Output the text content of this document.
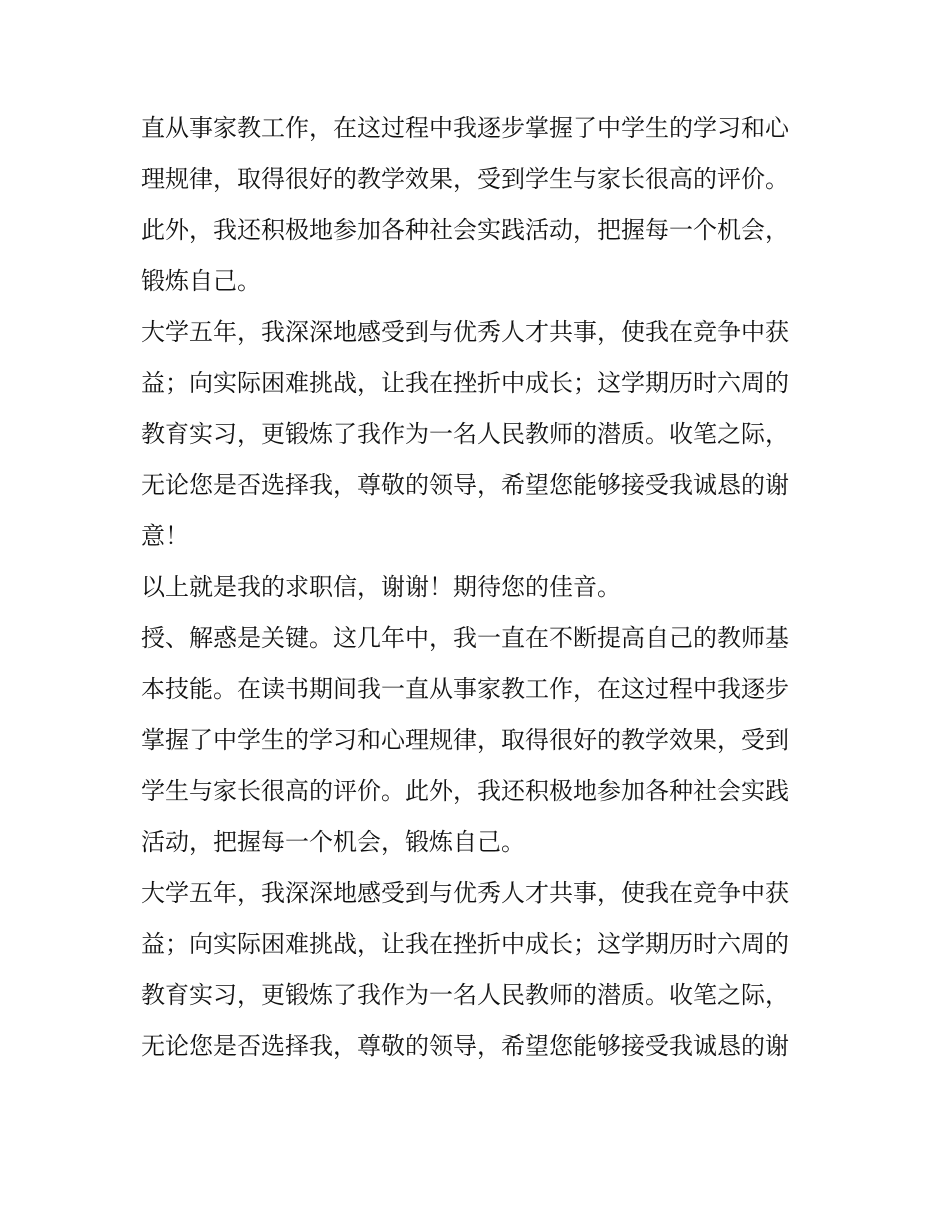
直从事家教工作，在这过程中我逐步掌握了中学生的学习和心
理规律，取得很好的教学效果，受到学生与家长很高的评价。
此外，我还积极地参加各种社会实践活动，把握每一个机会，
锻炼自己。
大学五年，我深深地感受到与优秀人才共事，使我在竞争中获
益；向实际困难挑战，让我在挫折中成长；这学期历时六周的
教育实习，更锻炼了我作为一名人民教师的潜质。收笔之际，
无论您是否选择我，尊敬的领导，希望您能够接受我诚恳的谢
意！
以上就是我的求职信，谢谢！期待您的佳音。
授、解惑是关键。这几年中，我一直在不断提高自己的教师基
本技能。在读书期间我一直从事家教工作，在这过程中我逐步
掌握了中学生的学习和心理规律，取得很好的教学效果，受到
学生与家长很高的评价。此外，我还积极地参加各种社会实践
活动，把握每一个机会，锻炼自己。
大学五年，我深深地感受到与优秀人才共事，使我在竞争中获
益；向实际困难挑战，让我在挫折中成长；这学期历时六周的
教育实习，更锻炼了我作为一名人民教师的潜质。收笔之际，
无论您是否选择我，尊敬的领导，希望您能够接受我诚恳的谢
